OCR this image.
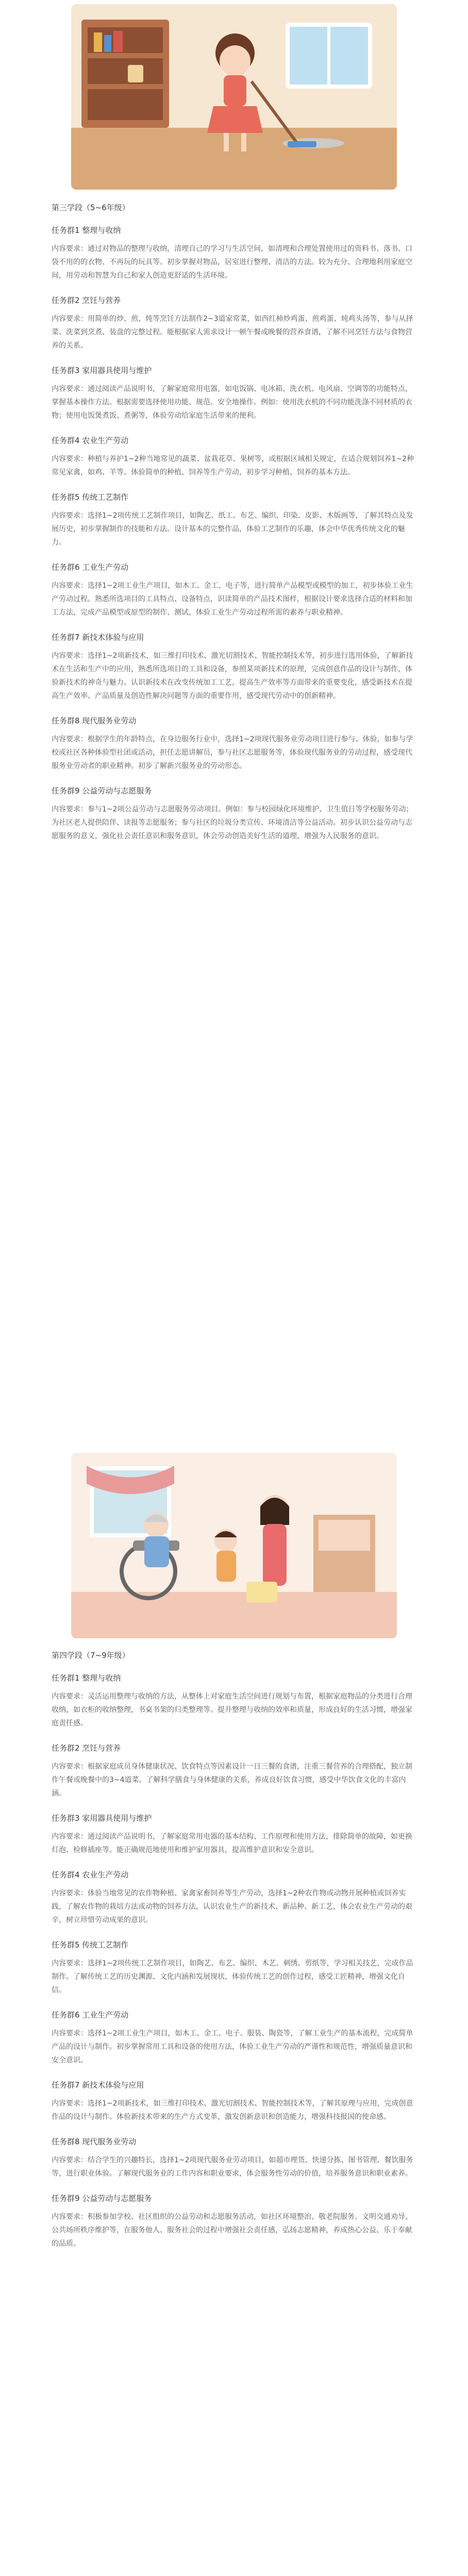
第三学段（5~6年级）

任务群1 整理与收纳

内容要求：通过对物品的整理与收纳，清理自己的学习与生活空间，如清理和合理处置使用过的资料书、落书、口袋不用的的衣物、不再玩的玩具等。初步掌握对物品，居室进行整理、清洁的方法。较为充分、合理地利用家庭空间，用劳动和智慧为自己和家人创造更舒适的生活环境。

任务群2 烹饪与营养

内容要求：用简单的炒、煎、炖等烹饪方法制作2~3道家常菜，如西红柿炒鸡蛋、煎鸡蛋、炖鸡头汤等，参与从择菜、洗菜到烹煮、装盘的完整过程。能根据家人需求设计一顿午餐或晚餐的营养食谱，了解不同烹饪方法与食物营养的关系。

任务群3 家用器具使用与维护

内容要求：通过阅读产品说明书，了解家庭常用电器，如电饭锅、电冰箱、洗衣机、电风扇、空调等的功能特点，掌握基本操作方法。根据需要选择使用功能、规范、安全地操作。例如：使用洗衣机的不同功能洗涤不同材质的衣物；使用电饭煲煮饭、煮粥等，体验劳动给家庭生活带来的便利。

任务群4 农业生产劳动

内容要求：种植与养护1~2种当地常见的蔬菜、盆栽花草、果树等，或根据区域相关规定，在适合规划饲养1~2种常见家禽，如鸡、羊等。体验简单的种植、饲养等生产劳动，初步学习种植、饲养的基本方法。

任务群5 传统工艺制作

内容要求：选择1~2项传统工艺制作项目，如陶艺、纸工、布艺、编织、印染、皮影、木版画等，了解其特点及发展历史，初步掌握制作的技能和方法。设计基本的完整作品，体验工艺制作的乐趣，体会中华优秀传统文化的魅力。

任务群6 工业生产劳动

内容要求：选择1~2项工业生产项目，如木工、金工、电子等，进行简单产品模型或模型的加工，初步体验工业生产劳动过程。熟悉所选项目的工具特点、设备特点，识读简单的产品技术图样，根据设计要求选择合适的材料和加工方法，完成产品模型或原型的制作、测试，体验工业生产劳动过程所需的素养与职业精神。

任务群7 新技术体验与应用

内容要求：选择1~2项新技术，如三维打印技术、激光切割技术、智能控制技术等，初步进行选用体验，了解新技术在生活和生产中的应用，熟悉所选项目的工具和设备，参照某项新技术的原理，完成创意作品的设计与制作，体验新技术的神奇与魅力。认识新技术在改变传统加工工艺，提高生产效率等方面带来的重要变化，感受新技术在提高生产效率、产品质量及创造性解决问题等方面的重要作用，感受现代劳动中的创新精神。

任务群8 现代服务业劳动

内容要求：根据学生的年龄特点，在身边服务行业中，选择1~2项现代服务业劳动项目进行参与、体验，如参与学校或社区各种体验型社团或活动，担任志愿讲解员，参与社区志愿服务等，体验现代服务业的劳动过程，感受现代服务业劳动者的职业精神。初步了解新兴服务业的劳动形态。

任务群9 公益劳动与志愿服务

内容要求：参与1~2项公益劳动与志愿服务劳动项目。例如：参与校园绿化环境维护、卫生值日等学校服务劳动；为社区老人提供陪伴、读报等志愿服务；参与社区的垃圾分类宣传、环境清洁等公益活动。初步认识公益劳动与志愿服务的意义，强化社会责任意识和服务意识，体会劳动创造美好生活的道理，增强为人民服务的意识。

第四学段（7~9年级）

任务群1 整理与收纳

内容要求：灵活运用整理与收纳的方法，从整体上对家庭生活空间进行规划与布置，根据家庭物品的分类进行合理收纳，如衣柜的收纳整理，书桌书架的归类整理等。提升整理与收纳的效率和质量，形成良好的生活习惯，增强家庭责任感。

任务群2 烹饪与营养

内容要求：根据家庭成员身体健康状况、饮食特点等因素设计一日三餐的食谱，注重三餐营养的合理搭配，独立制作午餐或晚餐中的3~4道菜。了解科学膳食与身体健康的关系，养成良好饮食习惯，感受中华饮食文化的丰富内涵。

任务群3 家用器具使用与维护

内容要求：通过阅读产品说明书，了解家庭常用电器的基本结构、工作原理和使用方法，排除简单的故障，如更换灯泡、检修插座等。能正确规范地使用和维护家用器具，提高维护意识和安全意识。

任务群4 农业生产劳动

内容要求：体验当地常见的农作物种植、家禽家畜饲养等生产劳动，选择1~2种农作物或动物开展种植或饲养实践，了解农作物的栽培方法或动物的饲养方法，认识农业生产的新技术、新品种、新工艺，体会农业生产劳动的艰辛，树立珍惜劳动成果的意识。

任务群5 传统工艺制作

内容要求：选择1~2项传统工艺制作项目，如陶艺、布艺、编织、木艺、刺绣、剪纸等，学习相关技艺，完成作品制作。了解传统工艺的历史渊源、文化内涵和发展现状，体验传统工艺的创作过程，感受工匠精神，增强文化自信。

任务群6 工业生产劳动

内容要求：选择1~2项工业生产项目，如木工、金工、电子、服装、陶瓷等，了解工业生产的基本流程，完成简单产品的设计与制作。初步掌握常用工具和设备的使用方法，体验工业生产劳动的严谨性和规范性，增强质量意识和安全意识。

任务群7 新技术体验与应用

内容要求：选择1~2项新技术，如三维打印技术、激光切割技术、智能控制技术等，了解其原理与应用，完成创意作品的设计与制作。体验新技术带来的生产方式变革，激发创新意识和创造能力，增强科技报国的使命感。

任务群8 现代服务业劳动

内容要求：结合学生的兴趣特长，选择1~2项现代服务业劳动项目，如超市理货、快递分拣、图书管理、餐饮服务等，进行职业体验。了解现代服务业的工作内容和职业要求，体会服务性劳动的价值，培养服务意识和职业素养。

任务群9 公益劳动与志愿服务

内容要求：积极参加学校、社区组织的公益劳动和志愿服务活动，如社区环境整治、敬老院服务、文明交通劝导、公共场所秩序维护等，在服务他人、服务社会的过程中增强社会责任感，弘扬志愿精神，养成热心公益、乐于奉献的品质。
